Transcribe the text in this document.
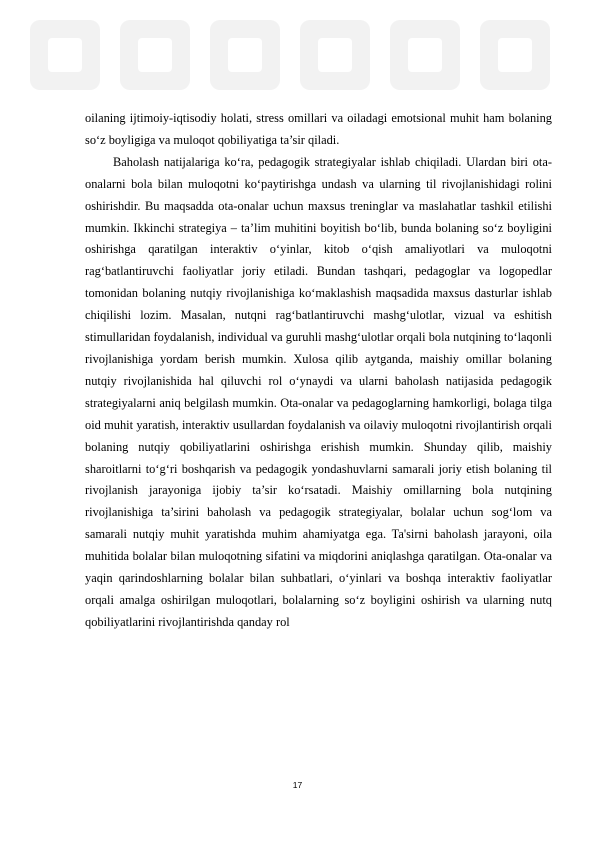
oilaning ijtimoiy-iqtisodiy holati, stress omillari va oiladagi emotsional muhit ham bolaning so‘z boyligiga va muloqot qobiliyatiga ta’sir qiladi.

Baholash natijalariga ko‘ra, pedagogik strategiyalar ishlab chiqiladi. Ulardan biri ota-onalarni bola bilan muloqotni ko‘paytirishga undash va ularning til rivojlanishidagi rolini oshirishdir. Bu maqsadda ota-onalar uchun maxsus treninglar va maslahatlar tashkil etilishi mumkin. Ikkinchi strategiya – ta’lim muhitini boyitish bo‘lib, bunda bolaning so‘z boyligini oshirishga qaratilgan interaktiv o‘yinlar, kitob o‘qish amaliyotlari va muloqotni rag‘batlantiruvchi faoliyatlar joriy etiladi. Bundan tashqari, pedagoglar va logopedlar tomonidan bolaning nutqiy rivojlanishiga ko‘maklashish maqsadida maxsus dasturlar ishlab chiqilishi lozim. Masalan, nutqni rag‘batlantiruvchi mashg‘ulotlar, vizual va eshitish stimullaridan foydalanish, individual va guruhli mashg‘ulotlar orqali bola nutqining to‘laqonli rivojlanishiga yordam berish mumkin. Xulosa qilib aytganda, maishiy omillar bolaning nutqiy rivojlanishida hal qiluvchi rol o‘ynaydi va ularni baholash natijasida pedagogik strategiyalarni aniq belgilash mumkin. Ota-onalar va pedagoglarning hamkorligi, bolaga tilga oid muhit yaratish, interaktiv usullardan foydalanish va oilaviy muloqotni rivojlantirish orqali bolaning nutqiy qobiliyatlarini oshirishga erishish mumkin. Shunday qilib, maishiy sharoitlarni to‘g‘ri boshqarish va pedagogik yondashuvlarni samarali joriy etish bolaning til rivojlanish jarayoniga ijobiy ta’sir ko‘rsatadi. Maishiy omillarning bola nutqining rivojlanishiga ta’sirini baholash va pedagogik strategiyalar, bolalar uchun sog‘lom va samarali nutqiy muhit yaratishda muhim ahamiyatga ega. Ta'sirni baholash jarayoni, oila muhitida bolalar bilan muloqotning sifatini va miqdorini aniqlashga qaratilgan. Ota-onalar va yaqin qarindoshlarning bolalar bilan suhbatlari, o‘yinlari va boshqa interaktiv faoliyatlar orqali amalga oshirilgan muloqotlari, bolalarning so‘z boyligini oshirish va ularning nutq qobiliyatlarini rivojlantirishda qanday rol

17
